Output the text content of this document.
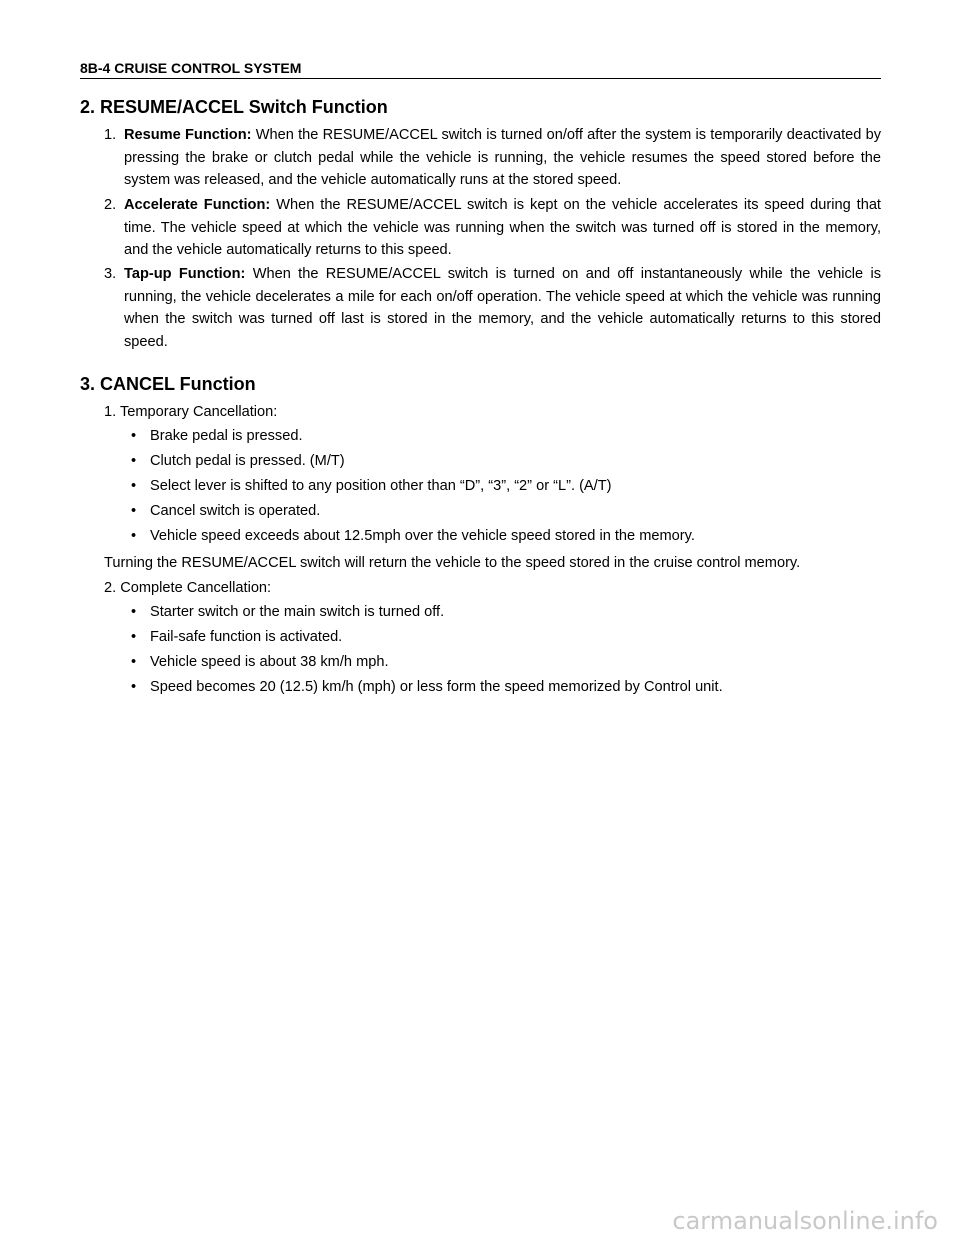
8B-4 CRUISE CONTROL SYSTEM
2. RESUME/ACCEL Switch Function
1. Resume Function: When the RESUME/ACCEL switch is turned on/off after the system is temporarily deactivated by pressing the brake or clutch pedal while the vehicle is running, the vehicle resumes the speed stored before the system was released, and the vehicle automatically runs at the stored speed.
2. Accelerate Function: When the RESUME/ACCEL switch is kept on the vehicle accelerates its speed during that time. The vehicle speed at which the vehicle was running when the switch was turned off is stored in the memory, and the vehicle automatically returns to this speed.
3. Tap-up Function: When the RESUME/ACCEL switch is turned on and off instantaneously while the vehicle is running, the vehicle decelerates a mile for each on/off operation. The vehicle speed at which the vehicle was running when the switch was turned off last is stored in the memory, and the vehicle automatically returns to this stored speed.
3. CANCEL Function
1. Temporary Cancellation:
• Brake pedal is pressed.
• Clutch pedal is pressed. (M/T)
• Select lever is shifted to any position other than “D”, “3”, “2” or “L”. (A/T)
• Cancel switch is operated.
• Vehicle speed exceeds about 12.5mph over the vehicle speed stored in the memory.
Turning the RESUME/ACCEL switch will return the vehicle to the speed stored in the cruise control memory.
2. Complete Cancellation:
• Starter switch or the main switch is turned off.
• Fail-safe function is activated.
• Vehicle speed is about 38 km/h mph.
• Speed becomes 20 (12.5) km/h (mph) or less form the speed memorized by Control unit.
carmanualsonline.info
